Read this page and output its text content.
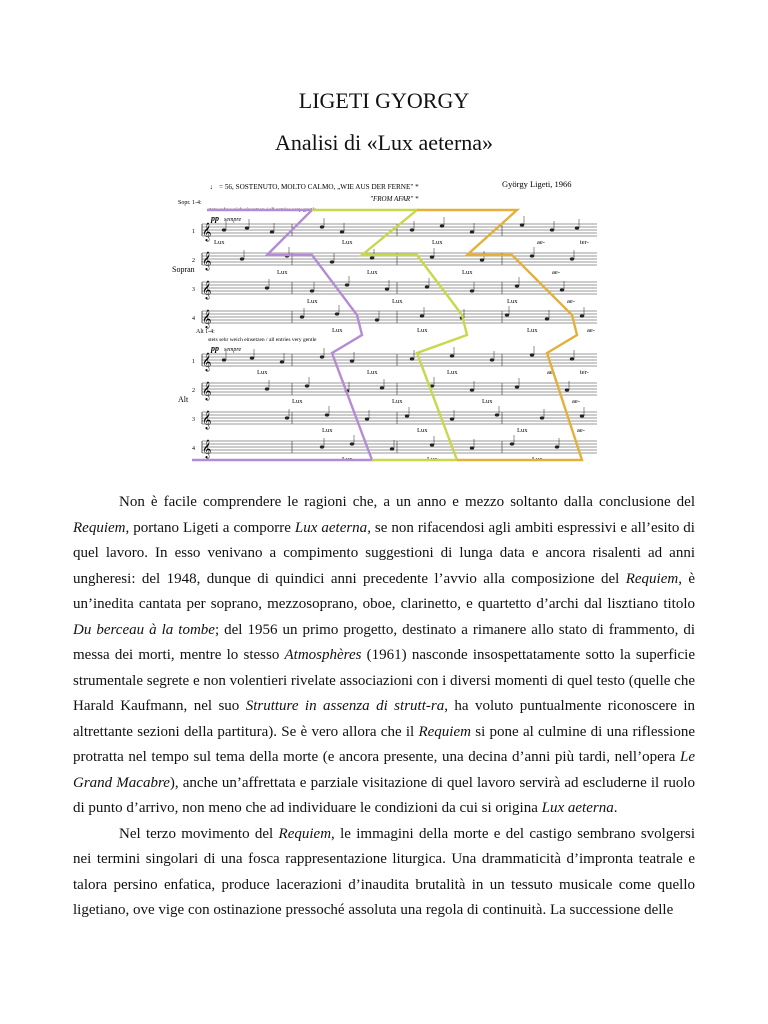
LIGETI GYORGY
Analisi di «Lux aeterna»
♩ = 56, SOSTENUTO, MOLTO CALMO, „WIE AUS DER FERNE" *
"FROM AFAR" *
György Ligeti, 1966
Sopr. 1-4:
stets sehr weich einsetzen / all entries very gentle
pp sempre
Alt 1-4:
stets sehr weich einsetzen / all entries very gentle
pp sempre
Sopran
Alt
𝄞
1
𝄞
2
𝄞
3
𝄞
4
𝄞
1
𝄞
2
𝄞
3
𝄞
4
Lux	Lux	Lux	ae-	ter-
Lux	Lux	Lux	ae-
Lux	Lux	Lux	ae-
Lux	Lux	Lux	ae-
Lux	Lux	Lux	ae-	ter-
Lux	Lux	Lux	ae-
Lux	Lux	Lux	ae-
Lux	Lux	Lux

Non è facile comprendere le ragioni che, a un anno e mezzo soltanto dalla conclusione del Requiem, portano Ligeti a comporre Lux aeterna, se non rifacendosi agli ambiti espressivi e all’esito di quel lavoro. In esso venivano a compimento suggestioni di lunga data e ancora risalenti ad anni ungheresi: del 1948, dunque di quindici anni precedente l’avvio alla composizione del Requiem, è un’inedita cantata per soprano, mezzosoprano, oboe, clarinetto, e quartetto d’archi dal lisztiano titolo Du berceau à la tombe; del 1956 un primo progetto, destinato a rimanere allo stato di frammento, di messa dei morti, mentre lo stesso Atmosphères (1961) nasconde insospettatamente sotto la superficie strumentale segrete e non volentieri rivelate associazioni con i diversi momenti di quel testo (quelle che Harald Kaufmann, nel suo Strutture in assenza di strutt-ra, ha voluto puntualmente riconoscere in altrettante sezioni della partitura). Se è vero allora che il Requiem si pone al culmine di una riflessione protratta nel tempo sul tema della morte (e ancora presente, una decina d’anni più tardi, nell’opera Le Grand Macabre), anche un’affrettata e parziale visitazione di quel lavoro servirà ad escluderne il ruolo di punto d’arrivo, non meno che ad individuare le condizioni da cui si origina Lux aeterna.

Nel terzo movimento del Requiem, le immagini della morte e del castigo sembrano svolgersi nei termini singolari di una fosca rappresentazione liturgica. Una drammaticità d’impronta teatrale e talora persino enfatica, produce lacerazioni d’inaudita brutalità in un tessuto musicale come quello ligetiano, ove vige con ostinazione pressoché assoluta una regola di continuità. La successione delle
